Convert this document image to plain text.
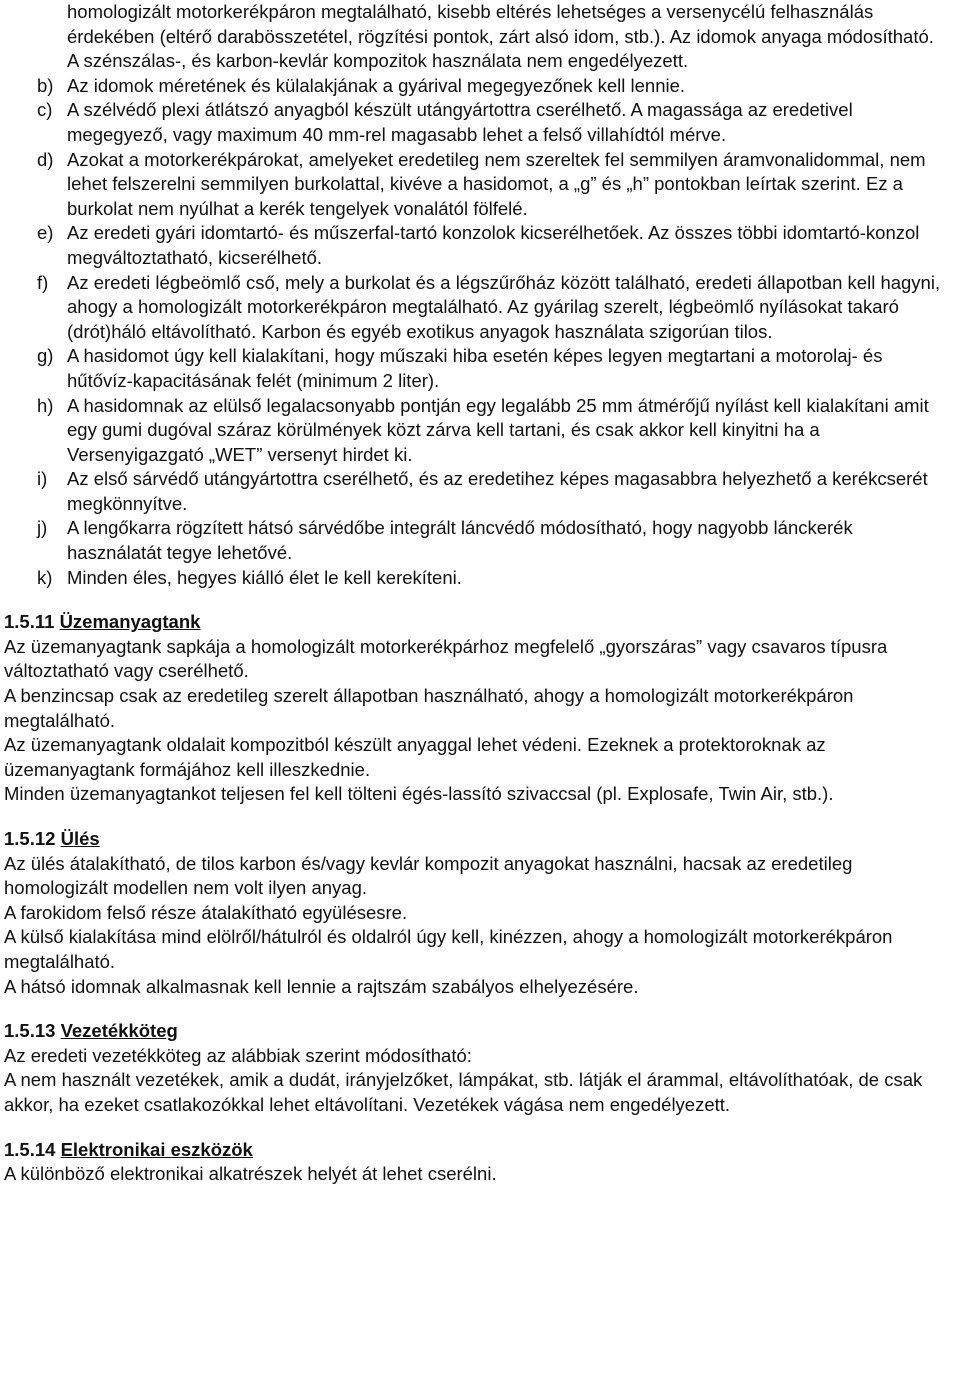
homologizált motorkerékpáron megtalálható, kisebb eltérés lehetséges a versenycélú felhasználás érdekében (eltérő darabösszetétel, rögzítési pontok, zárt alsó idom, stb.). Az idomok anyaga módosítható. A szénszálas-, és karbon-kevlár kompozitok használata nem engedélyezett.

b) Az idomok méretének és külalakjának a gyárival megegyezőnek kell lennie.
c) A szélvédő plexi átlátszó anyagból készült utángyártottra cserélhető. A magassága az eredetivel megegyező, vagy maximum 40 mm-rel magasabb lehet a felső villahídtól mérve.
d) Azokat a motorkerékpárokat, amelyeket eredetileg nem szereltek fel semmilyen áramvonalidommal, nem lehet felszerelni semmilyen burkolattal, kivéve a hasidomot, a „g” és „h” pontokban leírtak szerint. Ez a burkolat nem nyúlhat a kerék tengelyek vonalától fölfelé.
e) Az eredeti gyári idomtartó- és műszerfal-tartó konzolok kicserélhetőek. Az összes többi idomtartó-konzol megváltoztatható, kicserélhető.
f)	Az eredeti légbeömlő cső, mely a burkolat és a légszűrőház között található, eredeti állapotban kell hagyni, ahogy a homologizált motorkerékpáron megtalálható. Az gyárilag szerelt, légbeömlő nyílásokat takaró (drót)háló eltávolítható. Karbon és egyéb exotikus anyagok használata szigorúan tilos.
g) A hasidomot úgy kell kialakítani, hogy műszaki hiba esetén képes legyen megtartani a motorolaj- és hűtővíz-kapacitásának felét (minimum 2 liter).
h) A hasidomnak az elülső legalacsonyabb pontján egy legalább 25 mm átmérőjű nyílást kell kialakítani amit egy gumi dugóval száraz körülmények közt zárva kell tartani, és csak akkor kell kinyitni ha a Versenyigazgató „WET” versenyt hirdet ki.
i)	Az első sárvédő utángyártottra cserélhető, és az eredetihez képes magasabbra helyezhető a kerékcserét megkönnyítve.
j)	A lengőkarra rögzített hátsó sárvédőbe integrált láncvédő módosítható, hogy nagyobb lánckerék használatát tegye lehetővé.
k) Minden éles, hegyes kiálló élet le kell kerekíteni.
1.5.11 Üzemanyagtank

Az üzemanyagtank sapkája a homologizált motorkerékpárhoz megfelelő „gyorszáras” vagy csavaros típusra változtatható vagy cserélhető.

A benzincsap csak az eredetileg szerelt állapotban használható, ahogy a homologizált motorkerékpáron megtalálható.

Az üzemanyagtank oldalait kompozitból készült anyaggal lehet védeni. Ezeknek a protektoroknak az üzemanyagtank formájához kell illeszkednie.

Minden üzemanyagtankot teljesen fel kell tölteni égés-lassító szivaccsal (pl. Explosafe, Twin Air, stb.).

1.5.12 Ülés

Az ülés átalakítható, de tilos karbon és/vagy kevlár kompozit anyagokat használni, hacsak az eredetileg homologizált modellen nem volt ilyen anyag.

A farokidom felső része átalakítható együlésesre.

A külső kialakítása mind elölről/hátulról és oldalról úgy kell, kinézzen, ahogy a homologizált motorkerékpáron megtalálható.

A hátsó idomnak alkalmasnak kell lennie a rajtszám szabályos elhelyezésére.

1.5.13 Vezetékköteg

Az eredeti vezetékköteg az alábbiak szerint módosítható:

A nem használt vezetékek, amik a dudát, irányjelzőket, lámpákat, stb. látják el árammal, eltávolíthatóak, de csak akkor, ha ezeket csatlakozókkal lehet eltávolítani. Vezetékek vágása nem engedélyezett.

1.5.14 Elektronikai eszközök

A különböző elektronikai alkatrészek helyét át lehet cserélni.
